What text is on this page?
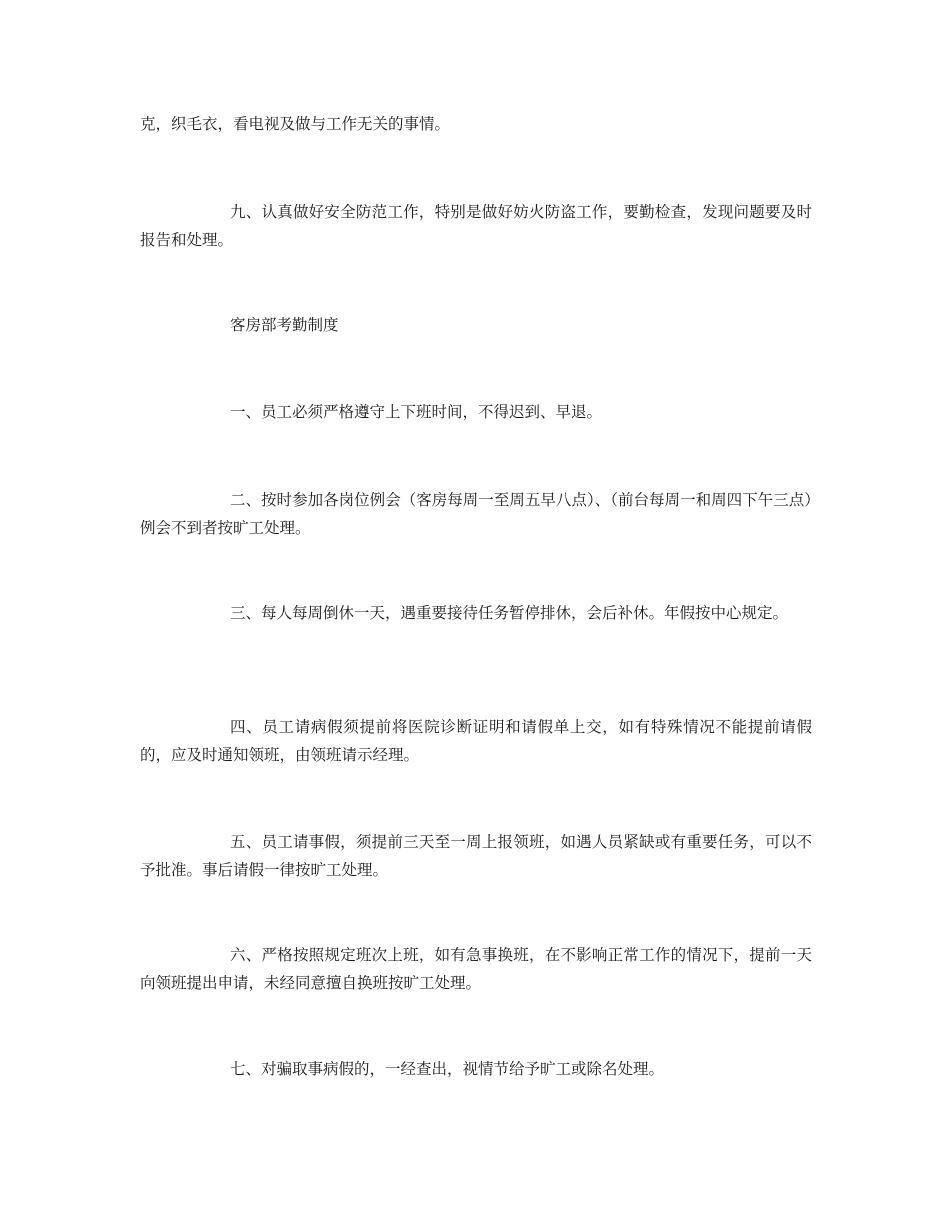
克，织毛衣，看电视及做与工作无关的事情。

九、认真做好安全防范工作，特别是做好妨火防盗工作，要勤检查，发现问题要及时报告和处理。

客房部考勤制度

一、员工必须严格遵守上下班时间，不得迟到、早退。

二、按时参加各岗位例会（客房每周一至周五早八点）、（前台每周一和周四下午三点）例会不到者按旷工处理。

三、每人每周倒休一天，遇重要接待任务暂停排休，会后补休。年假按中心规定。

四、员工请病假须提前将医院诊断证明和请假单上交，如有特殊情况不能提前请假的，应及时通知领班，由领班请示经理。

五、员工请事假，须提前三天至一周上报领班，如遇人员紧缺或有重要任务，可以不予批准。事后请假一律按旷工处理。

六、严格按照规定班次上班，如有急事换班，在不影响正常工作的情况下，提前一天向领班提出申请，未经同意擅自换班按旷工处理。

七、对骗取事病假的，一经查出，视情节给予旷工或除名处理。
